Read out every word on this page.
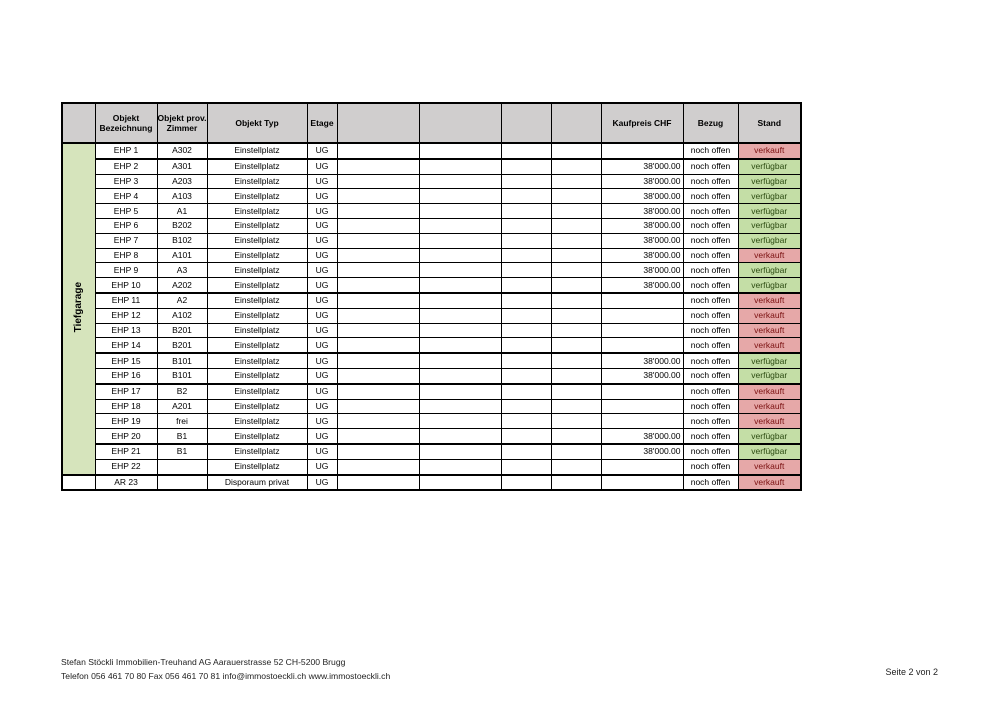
	Objekt Bezeichnung	Objekt prov. Zimmer	Objekt Typ	Etage					Kaufpreis CHF	Bezug	Stand
Tiefgarage	EHP 1	A302	Einstellplatz	UG						noch offen	verkauft
	EHP 2	A301	Einstellplatz	UG					38'000.00	noch offen	verfügbar
	EHP 3	A203	Einstellplatz	UG					38'000.00	noch offen	verfügbar
	EHP 4	A103	Einstellplatz	UG					38'000.00	noch offen	verfügbar
	EHP 5	A1	Einstellplatz	UG					38'000.00	noch offen	verfügbar
	EHP 6	B202	Einstellplatz	UG					38'000.00	noch offen	verfügbar
	EHP 7	B102	Einstellplatz	UG					38'000.00	noch offen	verfügbar
	EHP 8	A101	Einstellplatz	UG					38'000.00	noch offen	verkauft
	EHP 9	A3	Einstellplatz	UG					38'000.00	noch offen	verfügbar
	EHP 10	A202	Einstellplatz	UG					38'000.00	noch offen	verfügbar
	EHP 11	A2	Einstellplatz	UG						noch offen	verkauft
	EHP 12	A102	Einstellplatz	UG						noch offen	verkauft
	EHP 13	B201	Einstellplatz	UG						noch offen	verkauft
	EHP 14	B201	Einstellplatz	UG						noch offen	verkauft
	EHP 15	B101	Einstellplatz	UG					38'000.00	noch offen	verfügbar
	EHP 16	B101	Einstellplatz	UG					38'000.00	noch offen	verfügbar
	EHP 17	B2	Einstellplatz	UG						noch offen	verkauft
	EHP 18	A201	Einstellplatz	UG						noch offen	verkauft
	EHP 19	frei	Einstellplatz	UG						noch offen	verkauft
	EHP 20	B1	Einstellplatz	UG					38'000.00	noch offen	verfügbar
	EHP 21	B1	Einstellplatz	UG					38'000.00	noch offen	verfügbar
	EHP 22		Einstellplatz	UG						noch offen	verkauft
	AR 23		Disporaum privat	UG						noch offen	verkauft
Stefan Stöckli Immobilien-Treuhand AG Aarauerstrasse 52 CH-5200 Brugg
Telefon 056 461 70 80 Fax 056 461 70 81 info@immostoeckli.ch www.immostoeckli.ch	Seite 2 von 2
